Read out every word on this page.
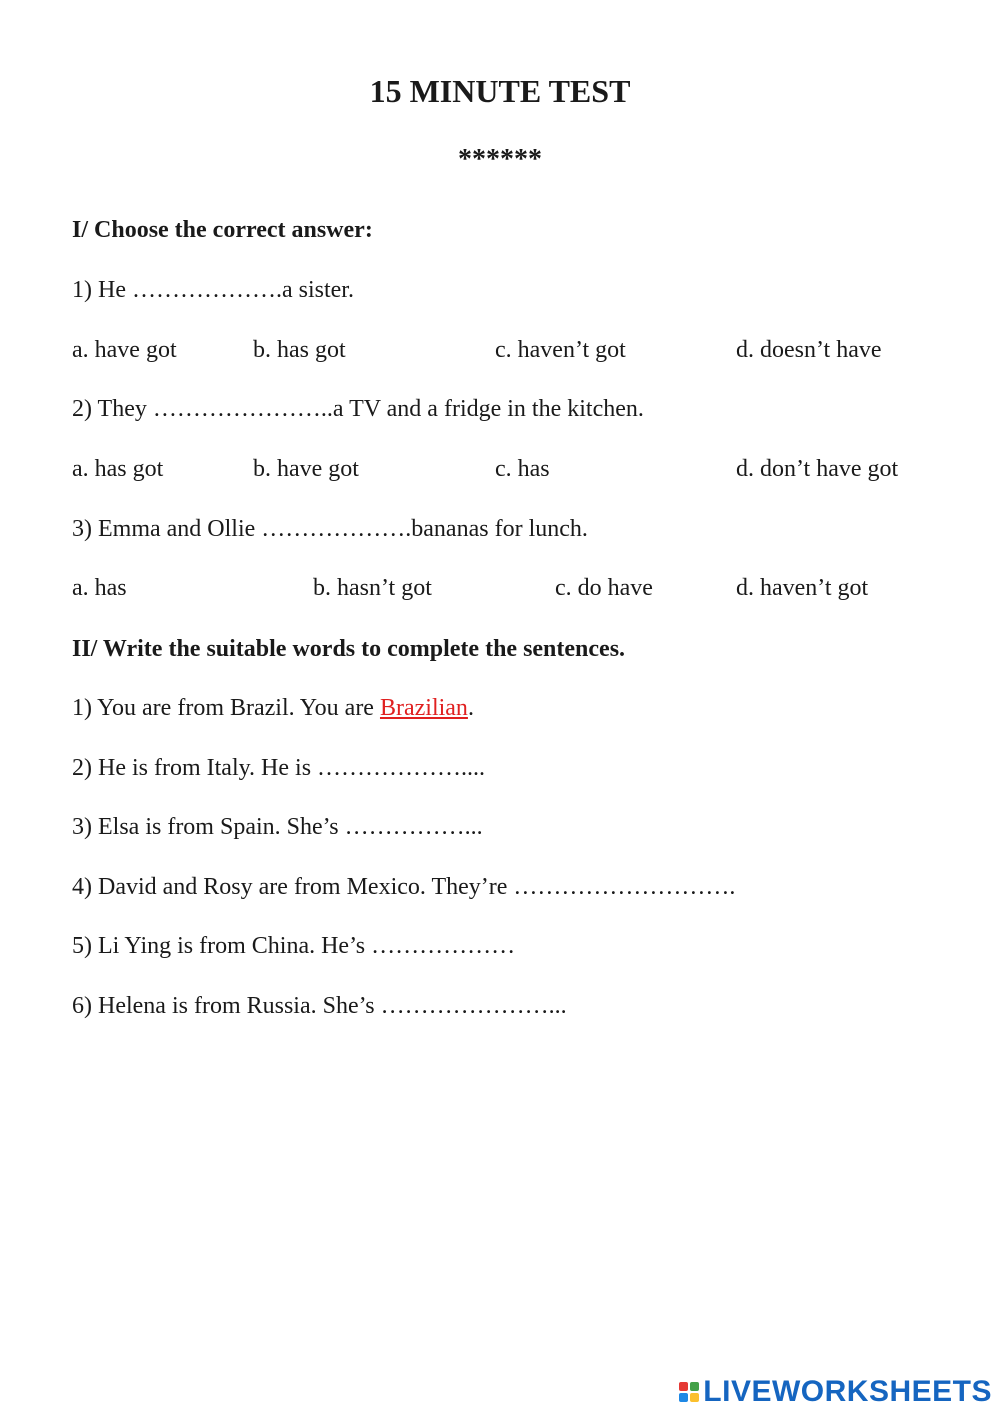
15 MINUTE TEST
******
I/ Choose the correct answer:
1) He ……………….a sister.
a. have got	b. has got	c. haven’t got	d. doesn’t have
2) They …………………..a TV and a fridge in the kitchen.
a. has got	b. have got	c. has	d. don’t have got
3) Emma and Ollie ……………….bananas for lunch.
a. has	b. hasn’t got	c. do have	d. haven’t got
II/ Write the suitable words to complete the sentences.
1) You are from Brazil. You are Brazilian.
2) He is from Italy. He is ………………....
3) Elsa is from Spain. She’s ……………...
4) David and Rosy are from Mexico. They’re ……………………….
5) Li Ying is from China. He’s ………………
6) Helena is from Russia. She’s …………………...
LIVEWORKSHEETS
